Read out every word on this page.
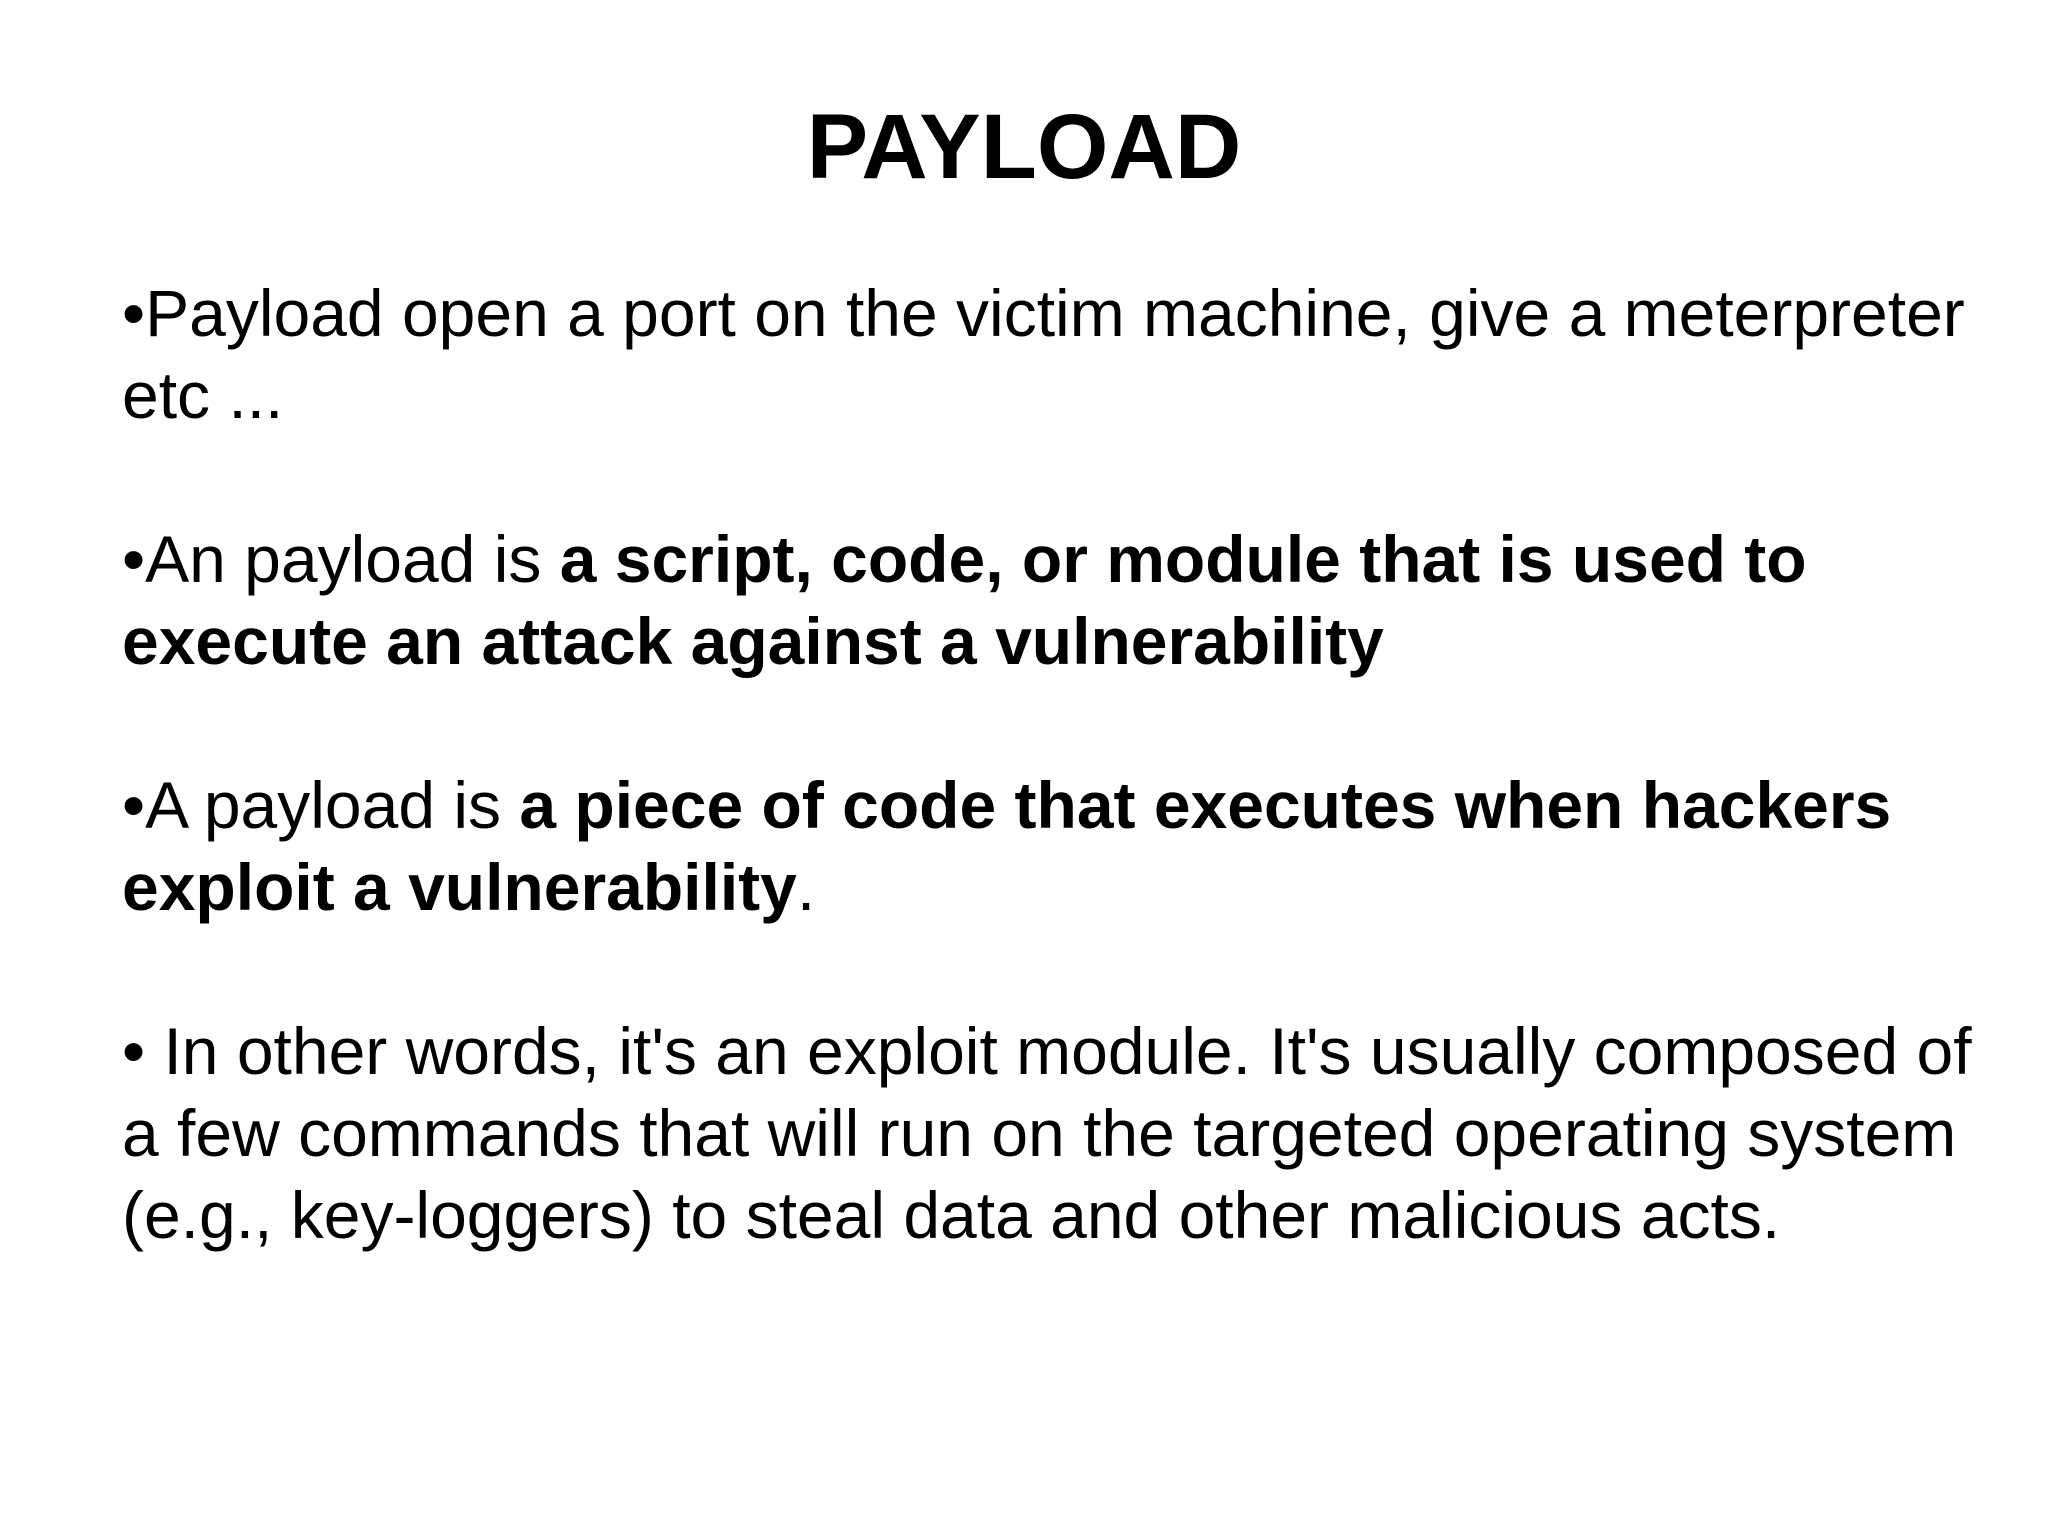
PAYLOAD
•Payload open a port on the victim machine, give a meterpreter etc ...
•An payload is a script, code, or module that is used to execute an attack against a vulnerability
•A payload is a piece of code that executes when hackers exploit a vulnerability.
• In other words, it's an exploit module. It's usually composed of a few commands that will run on the targeted operating system (e.g., key-loggers) to steal data and other malicious acts.
